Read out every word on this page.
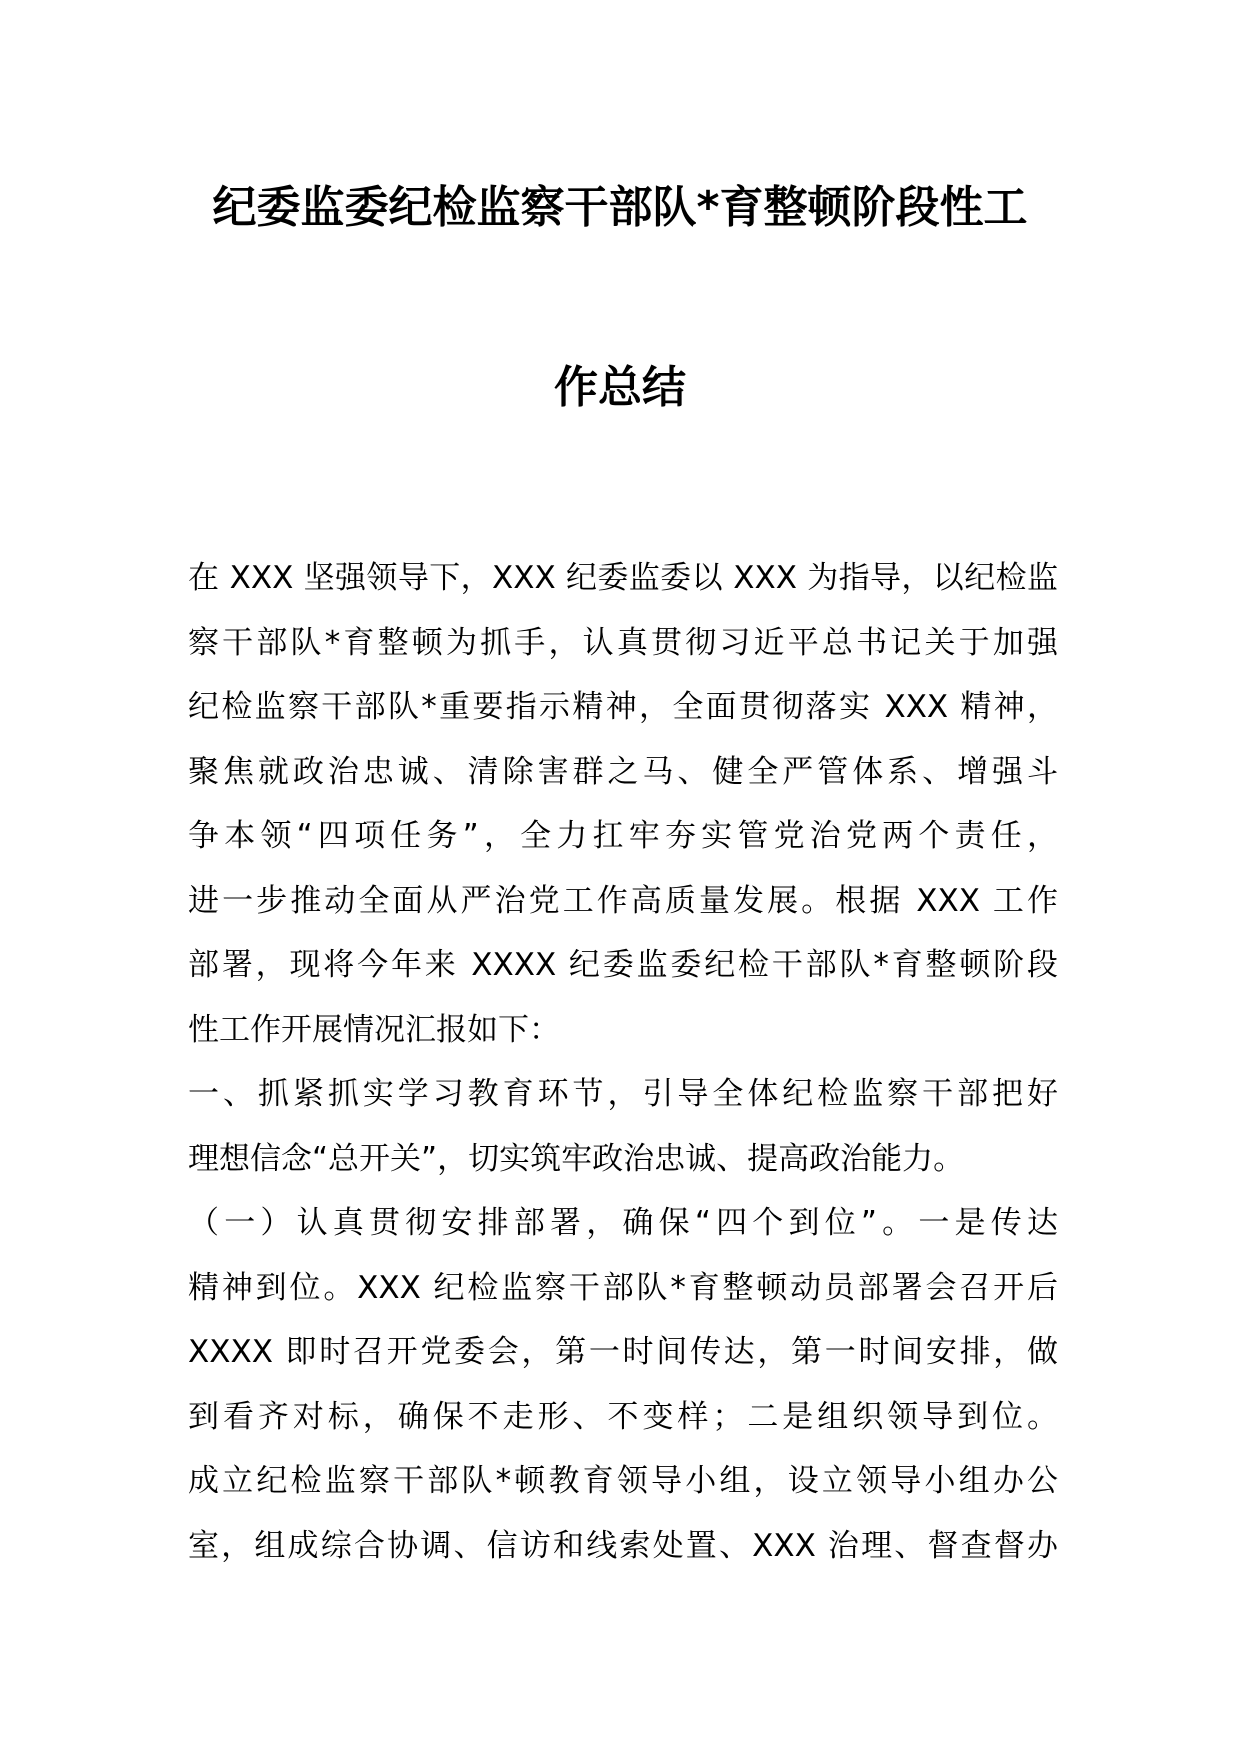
纪委监委纪检监察干部队*育整顿阶段性工
作总结
在 XXX 坚强领导下，XXX 纪委监委以 XXX 为指导，以纪检监
察干部队*育整顿为抓手，认真贯彻习近平总书记关于加强
纪检监察干部队*重要指示精神，全面贯彻落实 XXX 精神，
聚焦就政治忠诚、清除害群之马、健全严管体系、增强斗
争本领“四项任务”，全力扛牢夯实管党治党两个责任，
进一步推动全面从严治党工作高质量发展。根据 XXX 工作
部署，现将今年来 XXXX 纪委监委纪检干部队*育整顿阶段
性工作开展情况汇报如下：
一、抓紧抓实学习教育环节，引导全体纪检监察干部把好
理想信念“总开关”，切实筑牢政治忠诚、提高政治能力。
（一）认真贯彻安排部署，确保“四个到位”。一是传达
精神到位。XXX 纪检监察干部队*育整顿动员部署会召开后
XXXX 即时召开党委会，第一时间传达，第一时间安排，做
到看齐对标，确保不走形、不变样；二是组织领导到位。
成立纪检监察干部队*顿教育领导小组，设立领导小组办公
室，组成综合协调、信访和线索处置、XXX 治理、督查督办
